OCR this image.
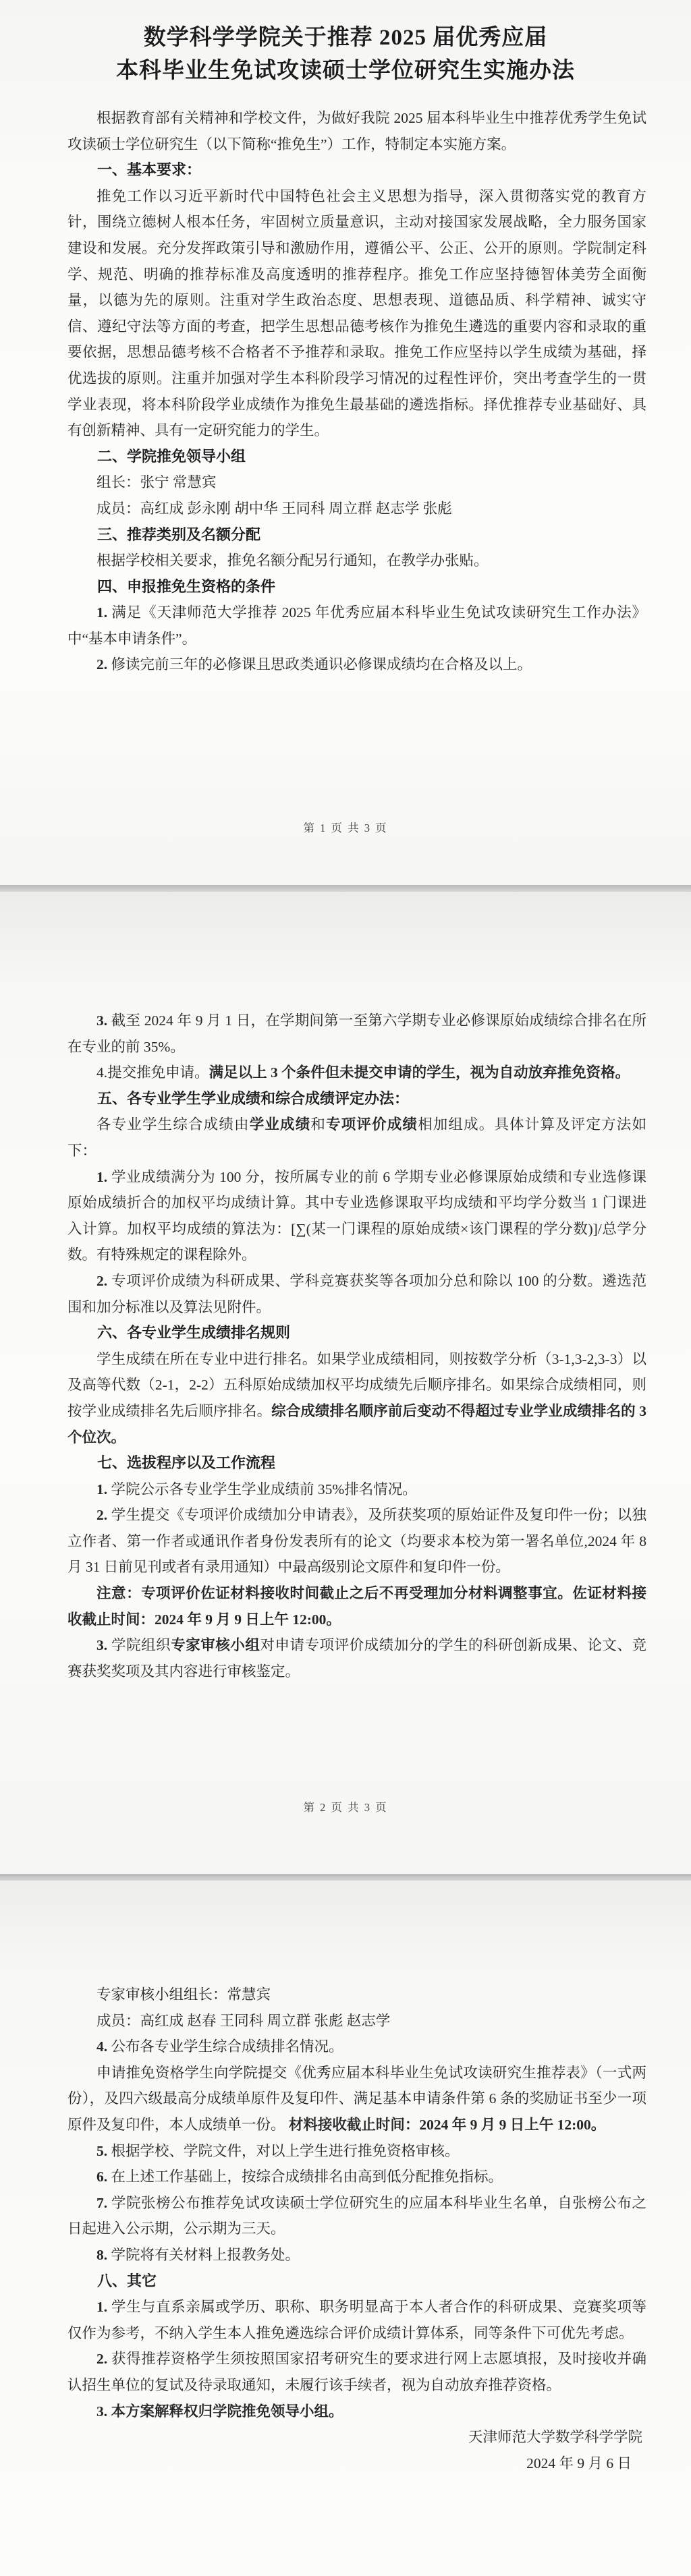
数学科学学院关于推荐 2025 届优秀应届
本科毕业生免试攻读硕士学位研究生实施办法

根据教育部有关精神和学校文件，为做好我院 2025 届本科毕业生中推荐优秀学生免试攻读硕士学位研究生（以下简称“推免生”）工作，特制定本实施方案。

一、基本要求：

推免工作以习近平新时代中国特色社会主义思想为指导，深入贯彻落实党的教育方针，围绕立德树人根本任务，牢固树立质量意识，主动对接国家发展战略，全力服务国家建设和发展。充分发挥政策引导和激励作用，遵循公平、公正、公开的原则。学院制定科学、规范、明确的推荐标准及高度透明的推荐程序。推免工作应坚持德智体美劳全面衡量，以德为先的原则。注重对学生政治态度、思想表现、道德品质、科学精神、诚实守信、遵纪守法等方面的考查，把学生思想品德考核作为推免生遴选的重要内容和录取的重要依据，思想品德考核不合格者不予推荐和录取。推免工作应坚持以学生成绩为基础，择优选拔的原则。注重并加强对学生本科阶段学习情况的过程性评价，突出考查学生的一贯学业表现，将本科阶段学业成绩作为推免生最基础的遴选指标。择优推荐专业基础好、具有创新精神、具有一定研究能力的学生。

二、学院推免领导小组

组长：张宁 常慧宾

成员：高红成 彭永刚 胡中华 王同科 周立群 赵志学 张彪

三、推荐类别及名额分配

根据学校相关要求，推免名额分配另行通知，在教学办张贴。

四、申报推免生资格的条件

1. 满足《天津师范大学推荐 2025 年优秀应届本科毕业生免试攻读研究生工作办法》中“基本申请条件”。

2. 修读完前三年的必修课且思政类通识必修课成绩均在合格及以上。

第 1 页 共 3 页

3. 截至 2024 年 9 月 1 日，在学期间第一至第六学期专业必修课原始成绩综合排名在所在专业的前 35%。

4.提交推免申请。满足以上 3 个条件但未提交申请的学生，视为自动放弃推免资格。

五、各专业学生学业成绩和综合成绩评定办法：

各专业学生综合成绩由学业成绩和专项评价成绩相加组成。具体计算及评定方法如下：

1. 学业成绩满分为 100 分，按所属专业的前 6 学期专业必修课原始成绩和专业选修课原始成绩折合的加权平均成绩计算。其中专业选修课取平均成绩和平均学分数当 1 门课进入计算。加权平均成绩的算法为：[∑(某一门课程的原始成绩×该门课程的学分数)]/总学分数。有特殊规定的课程除外。

2. 专项评价成绩为科研成果、学科竞赛获奖等各项加分总和除以 100 的分数。遴选范围和加分标准以及算法见附件。

六、各专业学生成绩排名规则

学生成绩在所在专业中进行排名。如果学业成绩相同，则按数学分析（3-1,3-2,3-3）以及高等代数（2-1，2-2）五科原始成绩加权平均成绩先后顺序排名。如果综合成绩相同，则按学业成绩排名先后顺序排名。综合成绩排名顺序前后变动不得超过专业学业成绩排名的 3 个位次。

七、选拔程序以及工作流程

1. 学院公示各专业学生学业成绩前 35%排名情况。

2. 学生提交《专项评价成绩加分申请表》，及所获奖项的原始证件及复印件一份；以独立作者、第一作者或通讯作者身份发表所有的论文（均要求本校为第一署名单位,2024 年 8 月 31 日前见刊或者有录用通知）中最高级别论文原件和复印件一份。

注意：专项评价佐证材料接收时间截止之后不再受理加分材料调整事宜。佐证材料接收截止时间：2024 年 9 月 9 日上午 12:00。

3. 学院组织专家审核小组对申请专项评价成绩加分的学生的科研创新成果、论文、竞赛获奖奖项及其内容进行审核鉴定。

第 2 页 共 3 页

专家审核小组组长：常慧宾

成员：高红成 赵春 王同科 周立群 张彪 赵志学

4. 公布各专业学生综合成绩排名情况。

申请推免资格学生向学院提交《优秀应届本科毕业生免试攻读研究生推荐表》（一式两份），及四六级最高分成绩单原件及复印件、满足基本申请条件第 6 条的奖励证书至少一项原件及复印件，本人成绩单一份。 材料接收截止时间：2024 年 9 月 9 日上午 12:00。

5. 根据学校、学院文件，对以上学生进行推免资格审核。

6. 在上述工作基础上，按综合成绩排名由高到低分配推免指标。

7. 学院张榜公布推荐免试攻读硕士学位研究生的应届本科毕业生名单，自张榜公布之日起进入公示期，公示期为三天。

8. 学院将有关材料上报教务处。

八、其它

1. 学生与直系亲属或学历、职称、职务明显高于本人者合作的科研成果、竞赛奖项等仅作为参考，不纳入学生本人推免遴选综合评价成绩计算体系，同等条件下可优先考虑。

2. 获得推荐资格学生须按照国家招考研究生的要求进行网上志愿填报，及时接收并确认招生单位的复试及待录取通知，未履行该手续者，视为自动放弃推荐资格。

3. 本方案解释权归学院推免领导小组。

天津师范大学数学科学学院

2024 年 9 月 6 日
